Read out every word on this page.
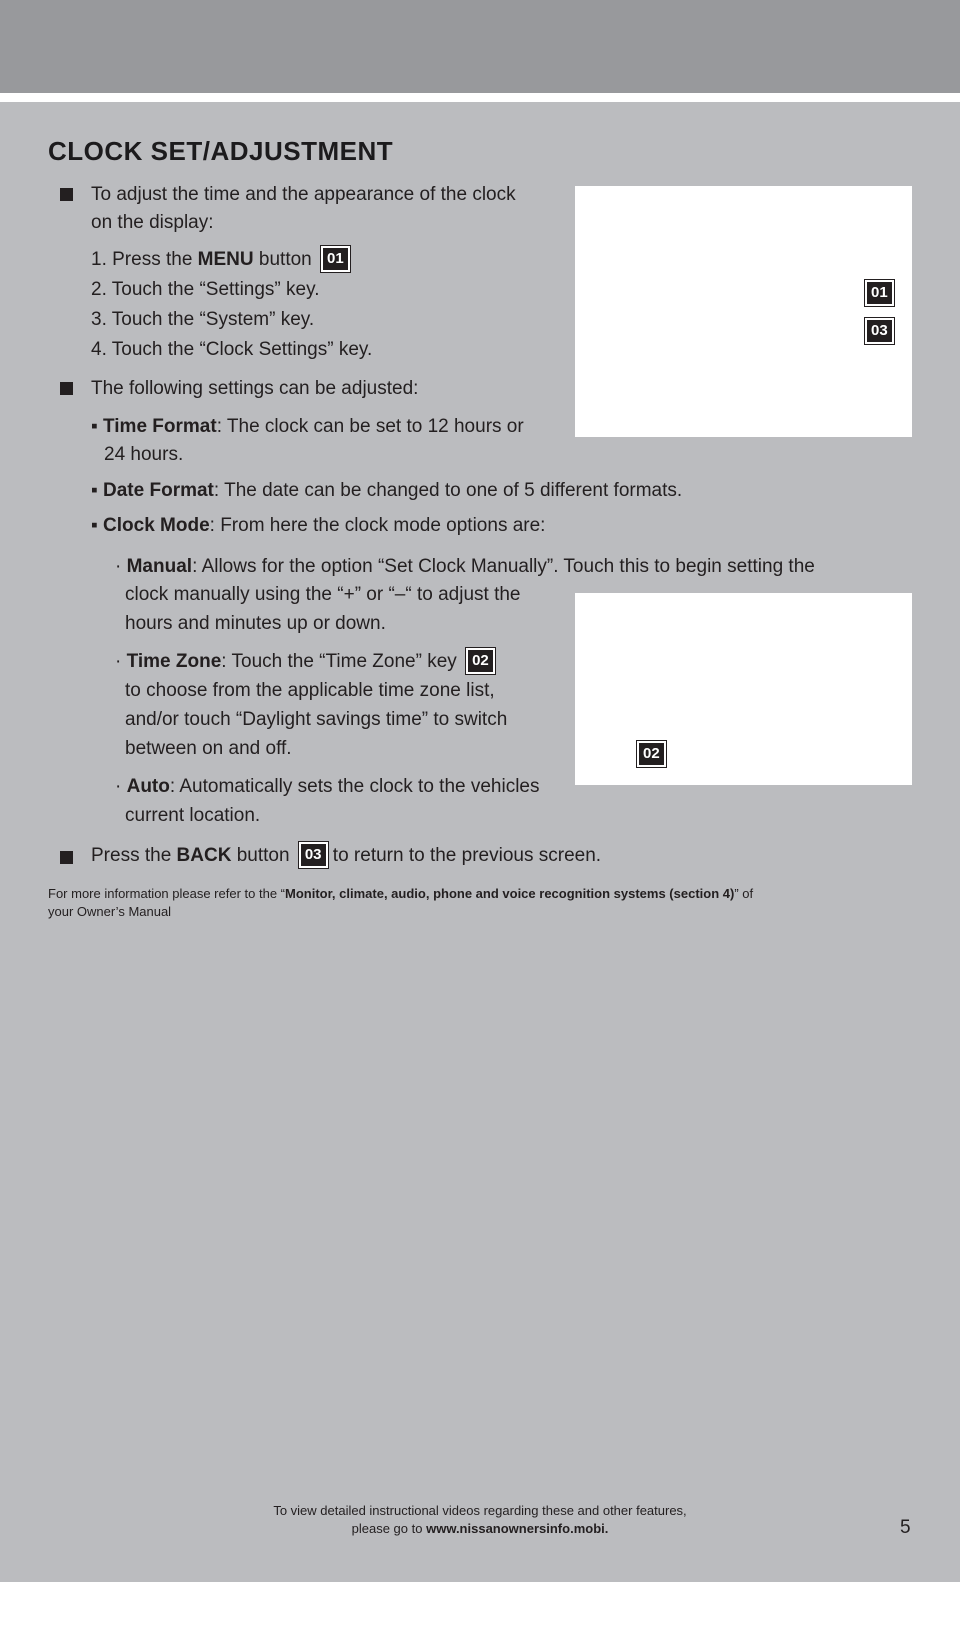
CLOCK SET/ADJUSTMENT
To adjust the time and the appearance of the clock
on the display:
1. Press the MENU button 01
2. Touch the “Settings” key.
3. Touch the “System” key.
4. Touch the “Clock Settings” key.
01
03
The following settings can be adjusted:
▪ Time Format: The clock can be set to 12 hours or
24 hours.
▪ Date Format: The date can be changed to one of 5 different formats.
▪ Clock Mode: From here the clock mode options are:
· Manual: Allows for the option “Set Clock Manually”. Touch this to begin setting the
clock manually using the “+” or “–“ to adjust the
hours and minutes up or down.
02
· Time Zone: Touch the “Time Zone” key 02
to choose from the applicable time zone list,
and/or touch “Daylight savings time” to switch
between on and off.
· Auto: Automatically sets the clock to the vehicles
current location.
Press the BACK button 03 to return to the previous screen.
For more information please refer to the “Monitor, climate, audio, phone and voice recognition systems (section 4)” of
your Owner’s Manual
To view detailed instructional videos regarding these and other features,
please go to www.nissanownersinfo.mobi.	5
